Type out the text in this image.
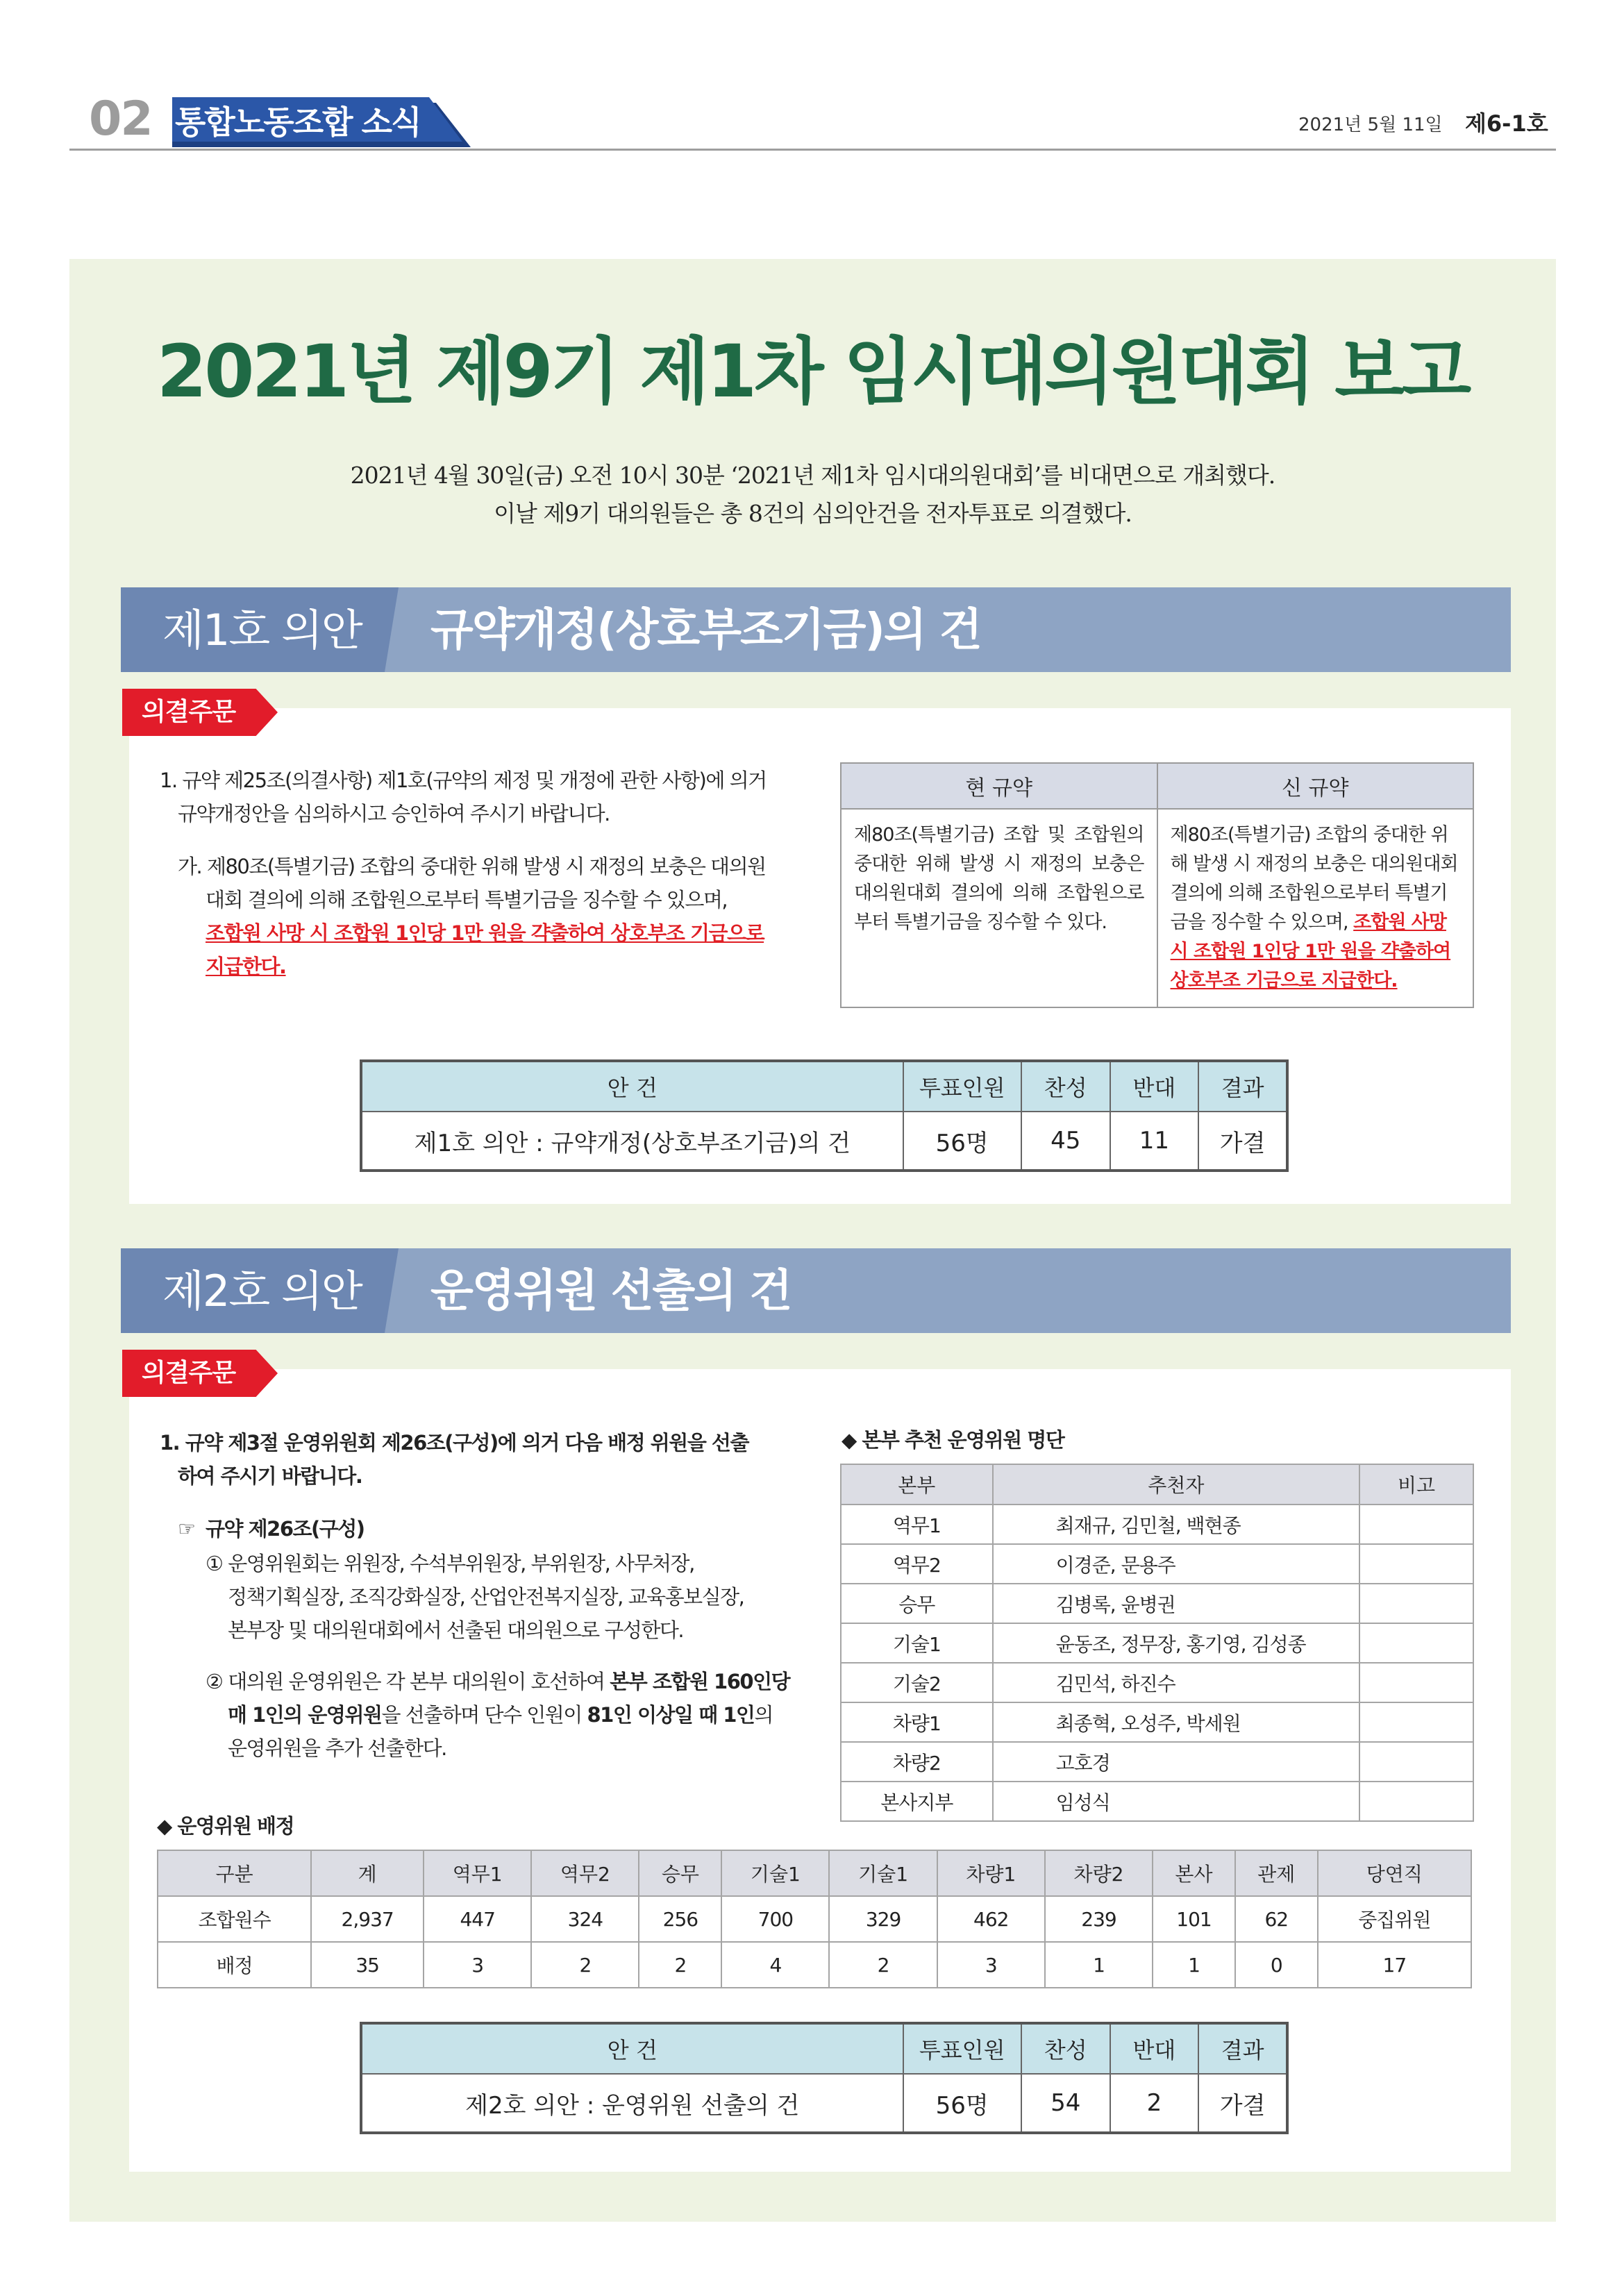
02 통합노동조합 소식	2021년 5월 11일 제6-1호
2021년 제9기 제1차 임시대의원대회 보고
2021년 4월 30일(금) 오전 10시 30분 ‘2021년 제1차 임시대의원대회’를 비대면으로 개최했다.
이날 제9기 대의원들은 총 8건의 심의안건을 전자투표로 의결했다.
제1호 의안 규약개정(상호부조기금)의 건
의결주문
1. 규약 제25조(의결사항) 제1호(규약의 제정 및 개정에 관한 사항)에 의거
규약개정안을 심의하시고 승인하여 주시기 바랍니다.
가. 제80조(특별기금) 조합의 중대한 위해 발생 시 재정의 보충은 대의원
대회 결의에 의해 조합원으로부터 특별기금을 징수할 수 있으며,
조합원 사망 시 조합원 1인당 1만 원을 갹출하여 상호부조 기금으로
지급한다.
현 규약	신 규약
제80조(특별기금) 조합 및 조합원의 중대한 위해 발생 시 재정의 보충은 대의원대회 결의에 의해 조합원으로부터 특별기금을 징수할 수 있다.	제80조(특별기금) 조합의 중대한 위해 발생 시 재정의 보충은 대의원대회 결의에 의해 조합원으로부터 특별기금을 징수할 수 있으며, 조합원 사망 시 조합원 1인당 1만 원을 갹출하여 상호부조 기금으로 지급한다.
안 건	투표인원	찬성	반대	결과
제1호 의안 : 규약개정(상호부조기금)의 건	56명	45	11	가결
제2호 의안 운영위원 선출의 건
의결주문
1. 규약 제3절 운영위원회 제26조(구성)에 의거 다음 배정 위원을 선출
하여 주시기 바랍니다.
☞ 규약 제26조(구성)
① 운영위원회는 위원장, 수석부위원장, 부위원장, 사무처장,
정책기획실장, 조직강화실장, 산업안전복지실장, 교육홍보실장,
본부장 및 대의원대회에서 선출된 대의원으로 구성한다.
② 대의원 운영위원은 각 본부 대의원이 호선하여 본부 조합원 160인당
매 1인의 운영위원을 선출하며 단수 인원이 81인 이상일 때 1인의
운영위원을 추가 선출한다.
◆ 본부 추천 운영위원 명단
본부	추천자	비고
역무1	최재규, 김민철, 백현종	
역무2	이경준, 문용주	
승무	김병록, 윤병권	
기술1	윤동조, 정무장, 홍기영, 김성종	
기술2	김민석, 하진수	
차량1	최종혁, 오성주, 박세원	
차량2	고호경	
본사지부	임성식	
◆ 운영위원 배정
구분	계	역무1	역무2	승무	기술1	기술1	차량1	차량2	본사	관제	당연직
조합원수	2,937	447	324	256	700	329	462	239	101	62	중집위원
배정	35	3	2	2	4	2	3	1	1	0	17
안 건	투표인원	찬성	반대	결과
제2호 의안 : 운영위원 선출의 건	56명	54	2	가결
